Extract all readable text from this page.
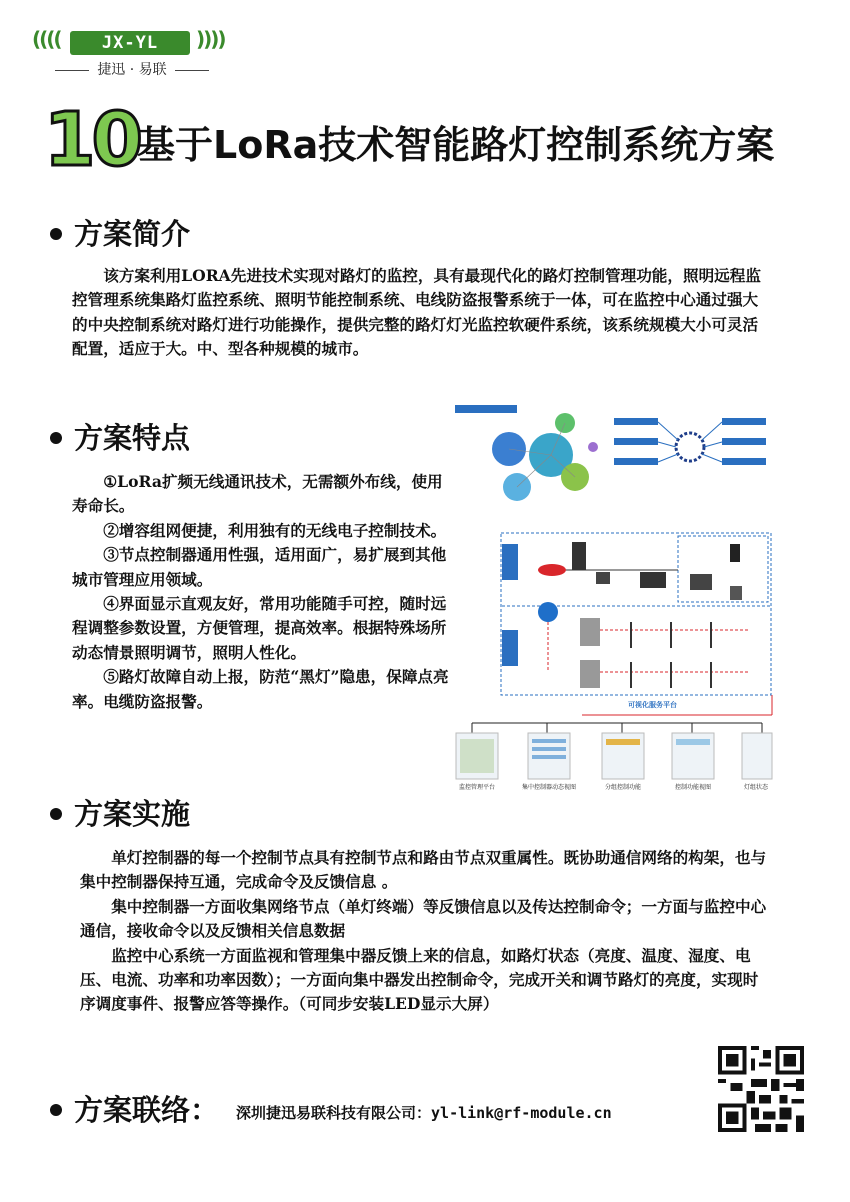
((((	JX-YL	))))
捷迅 · 易联
10
基于LoRa技术智能路灯控制系统方案
方案简介

该方案利用LORA先进技术实现对路灯的监控，具有最现代化的路灯控制管理功能，照明远程监控管理系统集路灯监控系统、照明节能控制系统、电线防盗报警系统于一体，可在监控中心通过强大的中央控制系统对路灯进行功能操作，提供完整的路灯灯光监控软硬件系统，该系统规模大小可灵活配置，适应于大。中、型各种规模的城市。

方案特点

①LoRa扩频无线通讯技术，无需额外布线，使用寿命长。

②增容组网便捷，利用独有的无线电子控制技术。

③节点控制器通用性强，适用面广，易扩展到其他城市管理应用领域。

④界面显示直观友好，常用功能随手可控，随时远程调整参数设置，方便管理，提高效率。根据特殊场所动态情景照明调节，照明人性化。

⑤路灯故障自动上报，防范“黑灯”隐患，保障点亮率。电缆防盗报警。	可视化服务平台
监控管理平台	集中控制器动态视图	分组控制功能	控制功能视图	灯组状态
方案实施

单灯控制器的每一个控制节点具有控制节点和路由节点双重属性。既协助通信网络的构架，也与集中控制器保持互通，完成命令及反馈信息 。

集中控制器一方面收集网络节点（单灯终端）等反馈信息以及传达控制命令；一方面与监控中心通信，接收命令以及反馈相关信息数据

监控中心系统一方面监视和管理集中器反馈上来的信息，如路灯状态（亮度、温度、湿度、电压、电流、功率和功率因数）；一方面向集中器发出控制命令，完成开关和调节路灯的亮度，实现时序调度事件、报警应答等操作。（可同步安装LED显示大屏）

方案联络： 深圳捷迅易联科技有限公司：yl-link@rf-module.cn
